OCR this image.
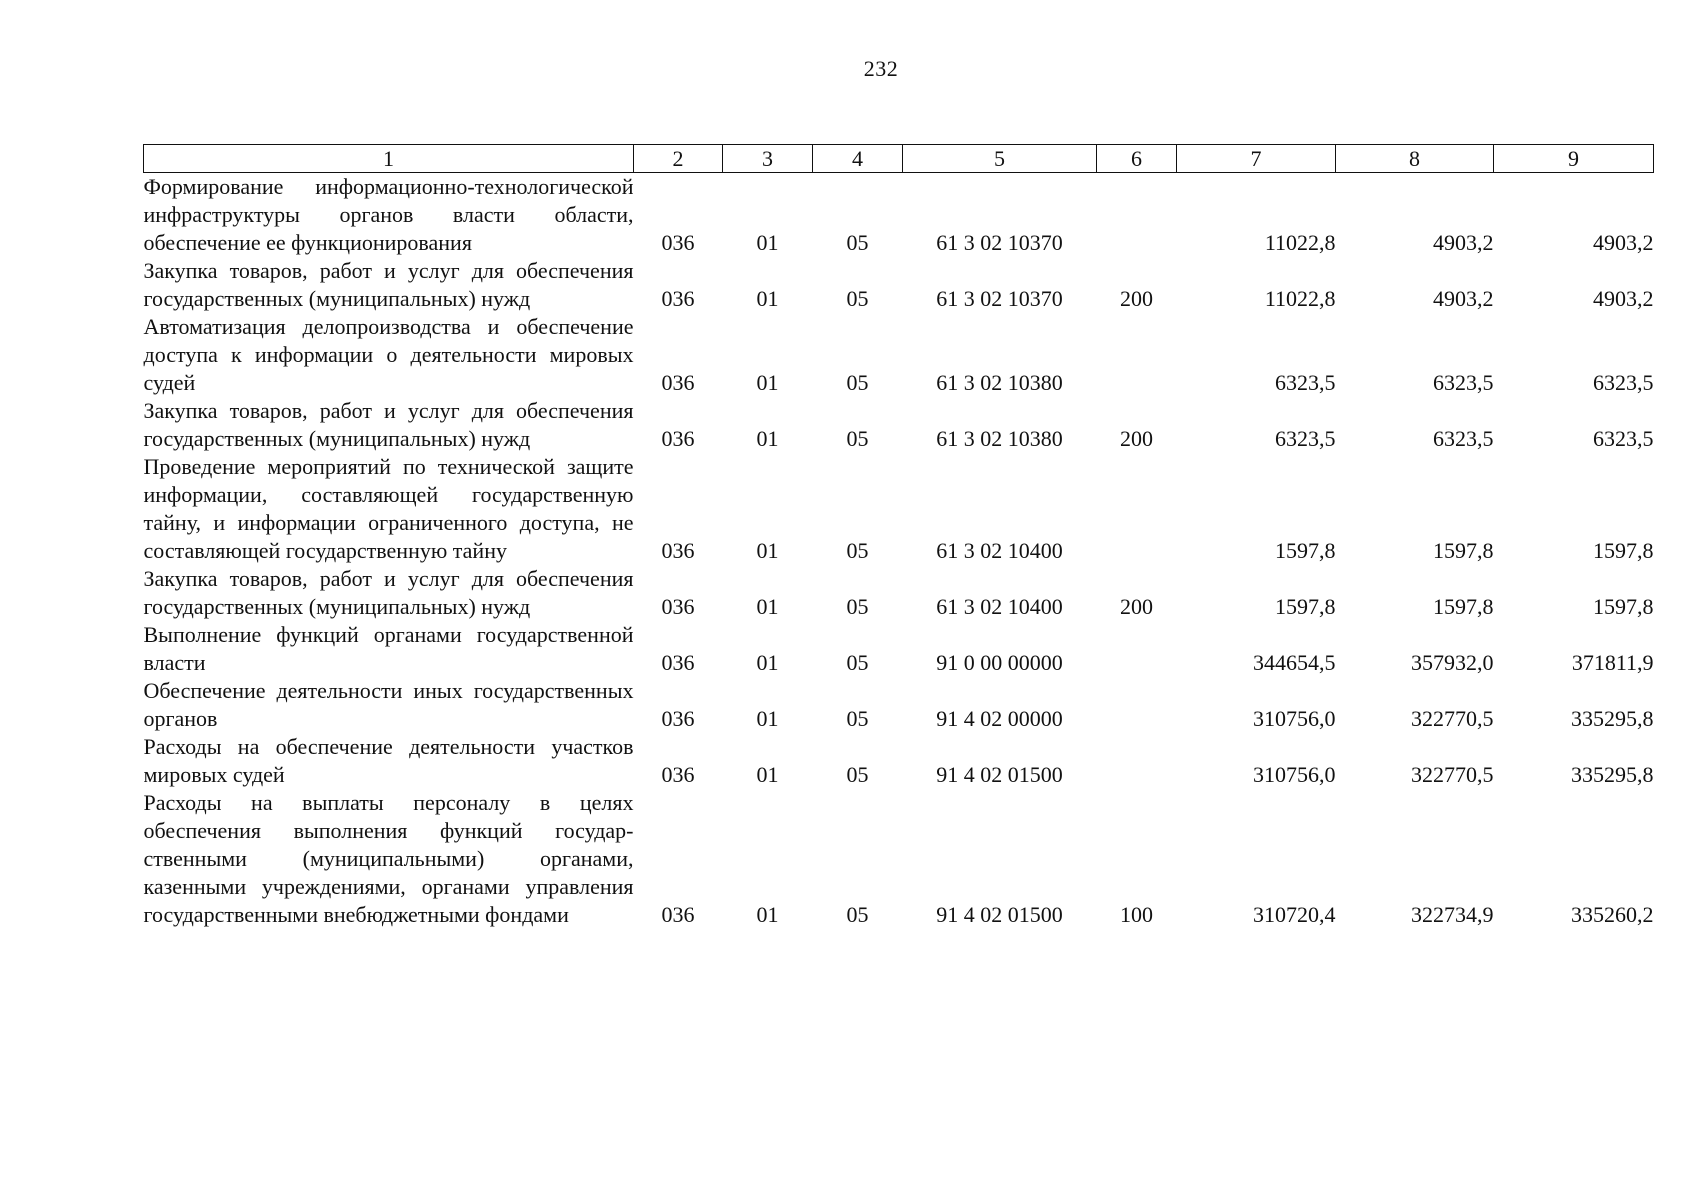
232
1	2	3	4	5	6	7	8	9
Формирование информационно-технологической инфраструктуры органов власти области, обеспечение ее функционирования	036	01	05	61 3 02 10370		11022,8	4903,2	4903,2
Закупка товаров, работ и услуг для обеспечения государственных (муниципальных) нужд	036	01	05	61 3 02 10370	200	11022,8	4903,2	4903,2
Автоматизация делопроизводства и обеспечение доступа к информации о деятельности мировых судей	036	01	05	61 3 02 10380		6323,5	6323,5	6323,5
Закупка товаров, работ и услуг для обеспечения государственных (муниципальных) нужд	036	01	05	61 3 02 10380	200	6323,5	6323,5	6323,5
Проведение мероприятий по технической защите информации, составляющей государственную тайну, и информации ограниченного доступа, не составляющей государственную тайну	036	01	05	61 3 02 10400		1597,8	1597,8	1597,8
Закупка товаров, работ и услуг для обеспечения государственных (муниципальных) нужд	036	01	05	61 3 02 10400	200	1597,8	1597,8	1597,8
Выполнение функций органами государственной власти	036	01	05	91 0 00 00000		344654,5	357932,0	371811,9
Обеспечение деятельности иных государственных органов	036	01	05	91 4 02 00000		310756,0	322770,5	335295,8
Расходы на обеспечение деятельности участков мировых судей	036	01	05	91 4 02 01500		310756,0	322770,5	335295,8
Расходы на выплаты персоналу в целях обеспечения выполнения функций государственными (муниципальными) органами, казенными учреждениями, органами управления государственными внебюджетными фондами	036	01	05	91 4 02 01500	100	310720,4	322734,9	335260,2
